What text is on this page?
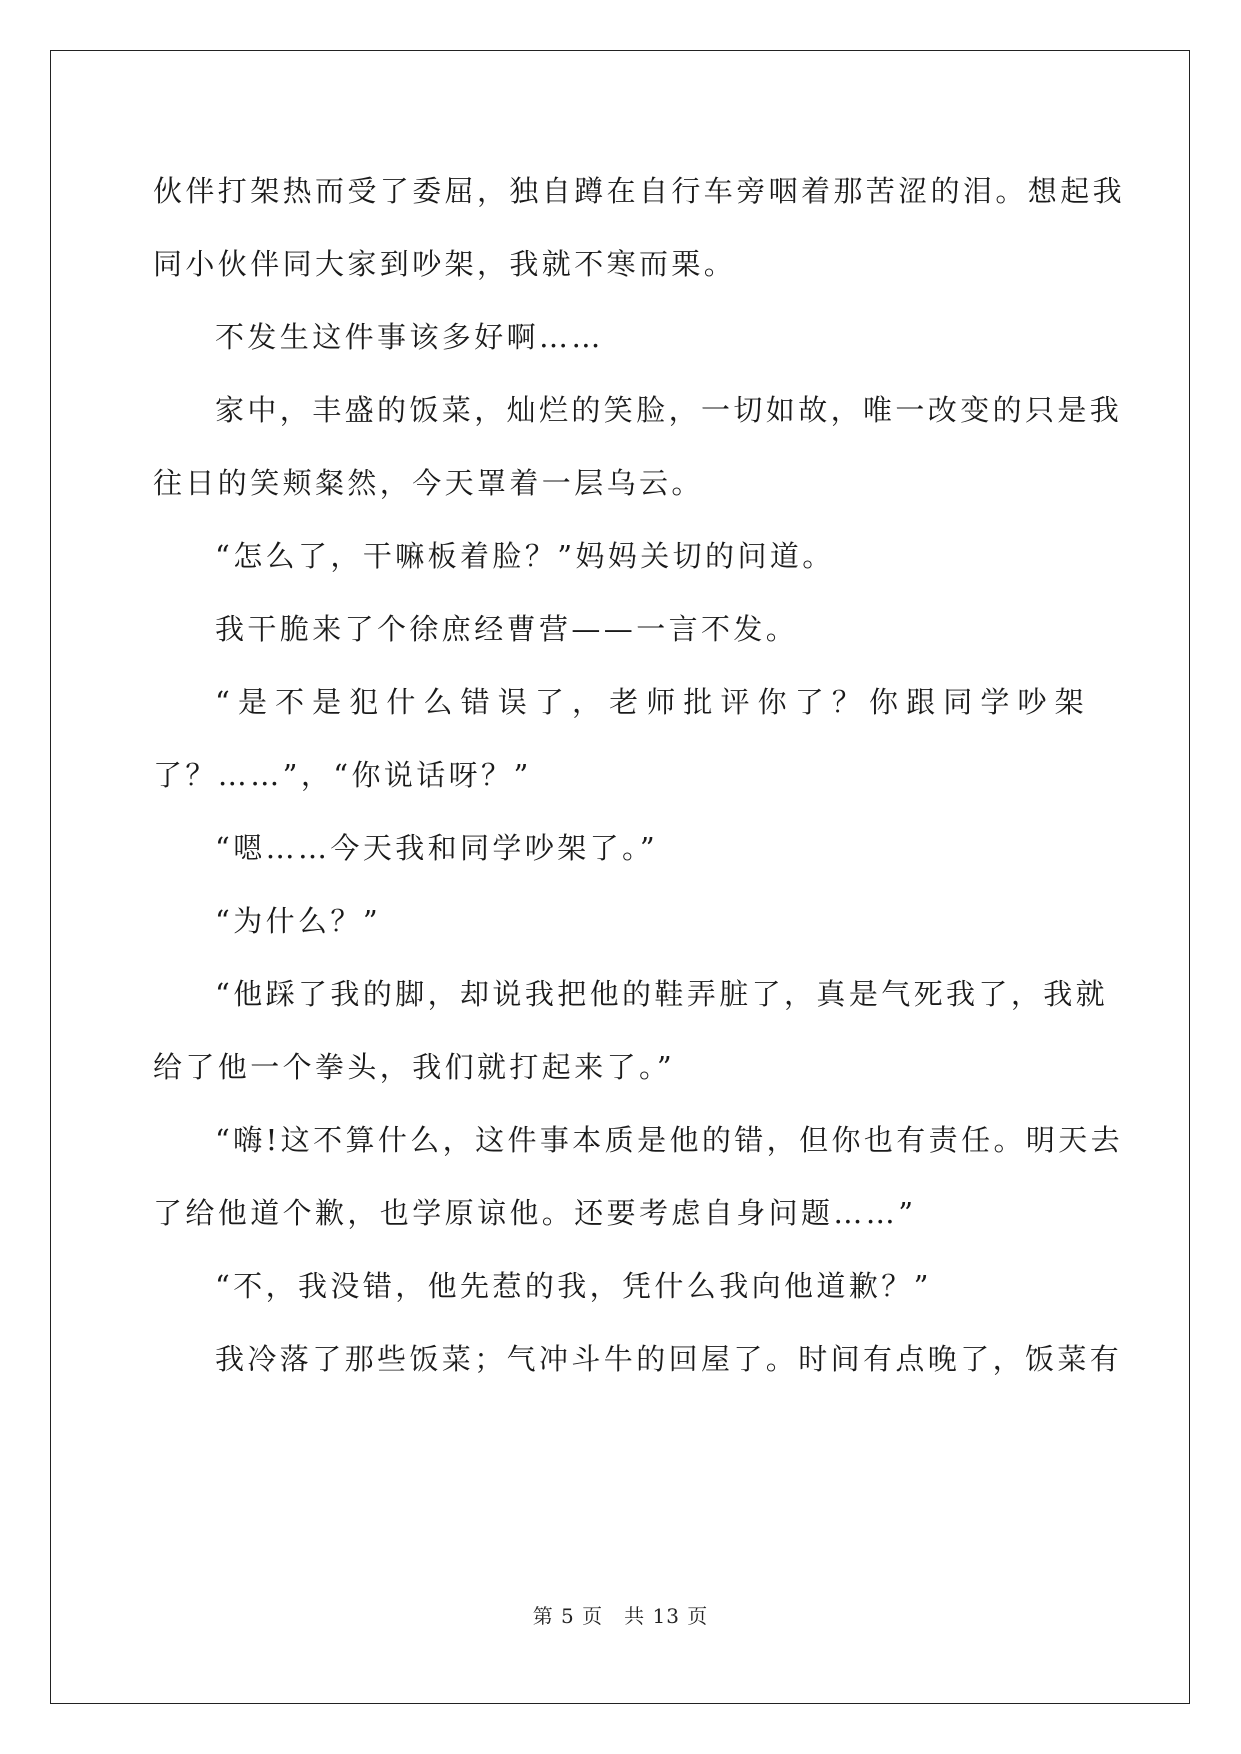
伙伴打架热而受了委屈，独自蹲在自行车旁咽着那苦涩的泪。想起我
同小伙伴同大家到吵架，我就不寒而栗。
不发生这件事该多好啊……
家中，丰盛的饭菜，灿烂的笑脸，一切如故，唯一改变的只是我
往日的笑颊粲然，今天罩着一层乌云。
“怎么了，干嘛板着脸？”妈妈关切的问道。
我干脆来了个徐庶经曹营——一言不发。
“是不是犯什么错误了，老师批评你了？你跟同学吵架
了？……”，“你说话呀？”
“嗯……今天我和同学吵架了。”
“为什么？”
“他踩了我的脚，却说我把他的鞋弄脏了，真是气死我了，我就
给了他一个拳头，我们就打起来了。”
“嗨!这不算什么，这件事本质是他的错，但你也有责任。明天去
了给他道个歉，也学原谅他。还要考虑自身问题……”
“不，我没错，他先惹的我，凭什么我向他道歉？”
我冷落了那些饭菜；气冲斗牛的回屋了。时间有点晚了，饭菜有
第 5 页　共 13 页
